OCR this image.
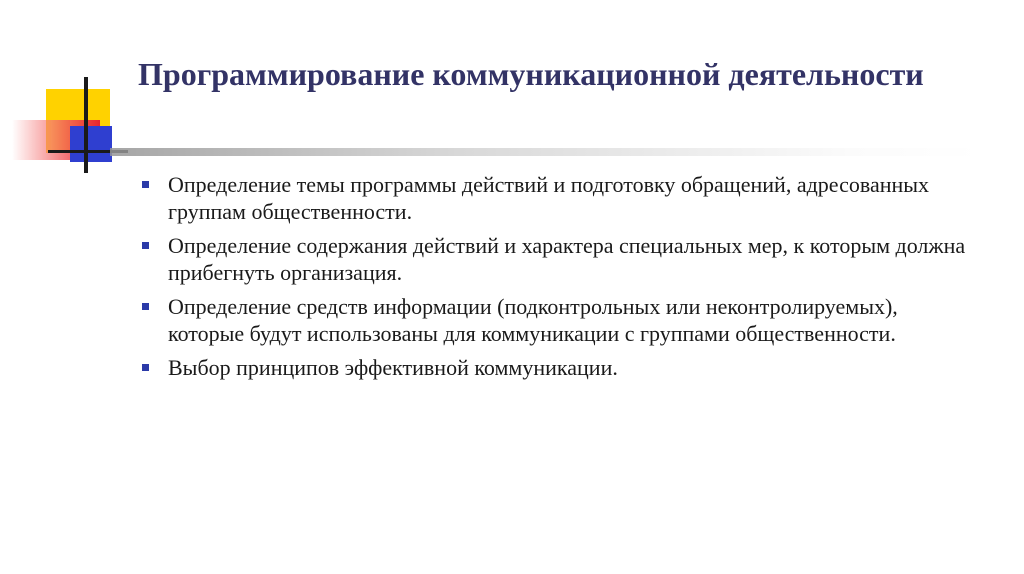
Программирование коммуникационной деятельности
Определение темы программы действий и подготовку обращений, адресованных группам общественности.
Определение содержания действий и характера специальных мер, к которым должна прибегнуть организация.
Определение средств информации (подконтрольных или неконтролируемых), которые будут использованы для коммуникации с группами общественности.
Выбор принципов эффективной коммуникации.
